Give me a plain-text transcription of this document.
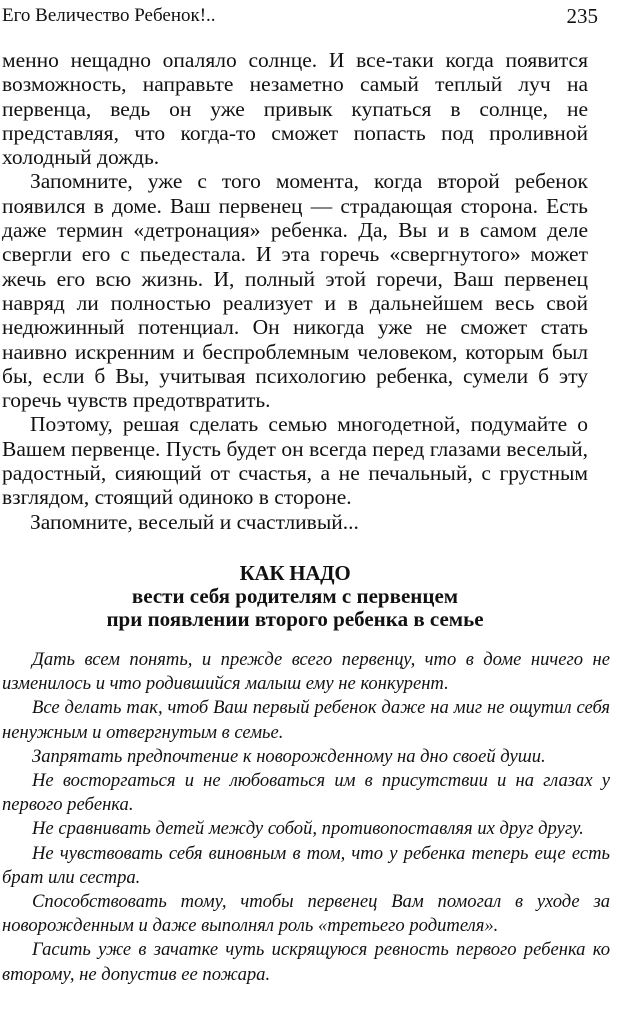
Его Величество Ребенок!..	235

менно нещадно опаляло солнце. И все-таки когда появится возможность, направьте незаметно самый теплый луч на первенца, ведь он уже привык купаться в солнце, не представляя, что когда-то сможет попасть под проливной холодный дождь.

Запомните, уже с того момента, когда второй ребенок появился в доме. Ваш первенец — страдающая сторона. Есть даже термин «детронация» ребенка. Да, Вы и в самом деле свергли его с пьедестала. И эта горечь «свергнутого» может жечь его всю жизнь. И, полный этой горечи, Ваш первенец навряд ли полностью реализует и в дальнейшем весь свой недюжинный потенциал. Он никогда уже не сможет стать наивно искренним и беспроблемным человеком, которым был бы, если б Вы, учитывая психологию ребенка, сумели б эту горечь чувств предотвратить.

Поэтому, решая сделать семью многодетной, подумайте о Вашем первенце. Пусть будет он всегда перед глазами веселый, радостный, сияющий от счастья, а не печальный, с грустным взглядом, стоящий одиноко в стороне.

Запомните, веселый и счастливый...

КАК НАДО
вести себя родителям с первенцем
при появлении второго ребенка в семье

Дать всем понять, и прежде всего первенцу, что в доме ничего не изменилось и что родившийся малыш ему не конкурент.

Все делать так, чтоб Ваш первый ребенок даже на миг не ощутил себя ненужным и отвергнутым в семье.

Запрятать предпочтение к новорожденному на дно своей души.

Не восторгаться и не любоваться им в присутствии и на глазах у первого ребенка.

Не сравнивать детей между собой, противопоставляя их друг другу.

Не чувствовать себя виновным в том, что у ребенка теперь еще есть брат или сестра.

Способствовать тому, чтобы первенец Вам помогал в уходе за новорожденным и даже выполнял роль «третьего родителя».

Гасить уже в зачатке чуть искрящуюся ревность первого ребенка ко второму, не допустив ее пожара.
